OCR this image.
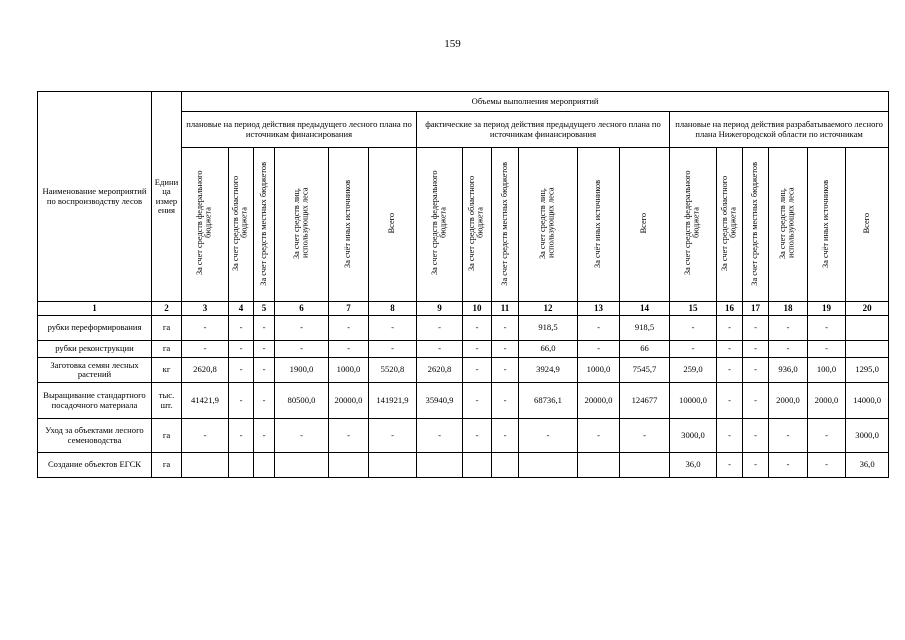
159
Наименование мероприятий по воспроизводству лесов	Едини ца измер ения	Объемы выполнения мероприятий																	
		плановые на период действия предыдущего лесного плана по источникам финансирования						фактические за период действия предыдущего лесного плана по источникам финансирования						плановые на период действия разрабатываемого лесного плана Нижегородской области по источникам					
		За счет средств федерального бюджета	За счет средств областного бюджета	За счет средств местных бюджетов	За счет средств лиц, использующих леса	За счёт иных источников	Всего	За счет средств федерального бюджета	За счет средств областного бюджета	За счет средств местных бюджетов	За счет средств лиц, использующих леса	За счёт иных источников	Всего	За счет средств федерального бюджета	За счет средств областного бюджета	За счет средств местных бюджетов	За счет средств лиц, использующих леса	За счёт иных источников	Всего
1	2	3	4	5	6	7	8	9	10	11	12	13	14	15	16	17	18	19	20
рубки переформирования	га	-	-	-	-	-	-	-	-	-	918,5	-	918,5	-	-	-	-	-	
рубки реконструкции	га	-	-	-	-	-	-	-	-	-	66,0	-	66	-	-	-	-	-	
Заготовка семян лесных растений	кг	2620,8	-	-	1900,0	1000,0	5520,8	2620,8	-	-	3924,9	1000,0	7545,7	259,0	-	-	936,0	100,0	1295,0
Выращивание стандартного посадочного материала	тыс. шт.	41421,9	-	-	80500,0	20000,0	141921,9	35940,9	-	-	68736,1	20000,0	124677	10000,0	-	-	2000,0	2000,0	14000,0
Уход за объектами лесного семеноводства	га	-	-	-	-	-	-	-	-	-	-	-	-	3000,0	-	-	-	-	3000,0
Создание объектов ЕГСК	га													36,0	-	-	-	-	36,0
